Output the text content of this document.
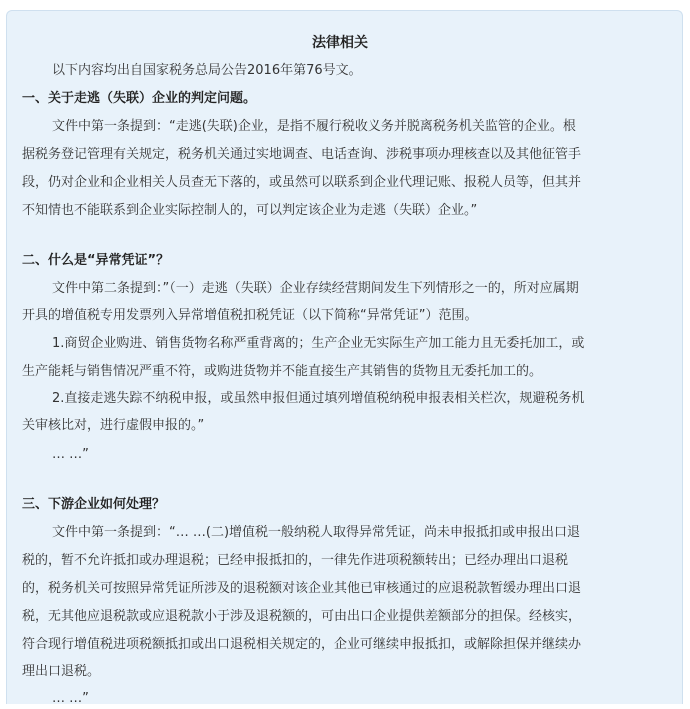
法律相关
以下内容均出自国家税务总局公告2016年第76号文。
一、关于走逃（失联）企业的判定问题。
文件中第一条提到：“走逃(失联)企业，是指不履行税收义务并脱离税务机关监管的企业。根
据税务登记管理有关规定，税务机关通过实地调查、电话查询、涉税事项办理核查以及其他征管手
段，仍对企业和企业相关人员查无下落的，或虽然可以联系到企业代理记账、报税人员等，但其并
不知情也不能联系到企业实际控制人的，可以判定该企业为走逃（失联）企业。”
二、什么是“异常凭证”？
文件中第二条提到：”（一）走逃（失联）企业存续经营期间发生下列情形之一的，所对应属期
开具的增值税专用发票列入异常增值税扣税凭证（以下简称“异常凭证”）范围。
1.商贸企业购进、销售货物名称严重背离的；生产企业无实际生产加工能力且无委托加工，或
生产能耗与销售情况严重不符，或购进货物并不能直接生产其销售的货物且无委托加工的。
2.直接走逃失踪不纳税申报，或虽然申报但通过填列增值税纳税申报表相关栏次，规避税务机
关审核比对，进行虚假申报的。”
… …”
三、下游企业如何处理？
文件中第一条提到：“… …(二)增值税一般纳税人取得异常凭证，尚未申报抵扣或申报出口退
税的，暂不允许抵扣或办理退税；已经申报抵扣的，一律先作进项税额转出；已经办理出口退税
的，税务机关可按照异常凭证所涉及的退税额对该企业其他已审核通过的应退税款暂缓办理出口退
税，无其他应退税款或应退税款小于涉及退税额的，可由出口企业提供差额部分的担保。经核实，
符合现行增值税进项税额抵扣或出口退税相关规定的，企业可继续申报抵扣，或解除担保并继续办
理出口退税。
… …”
